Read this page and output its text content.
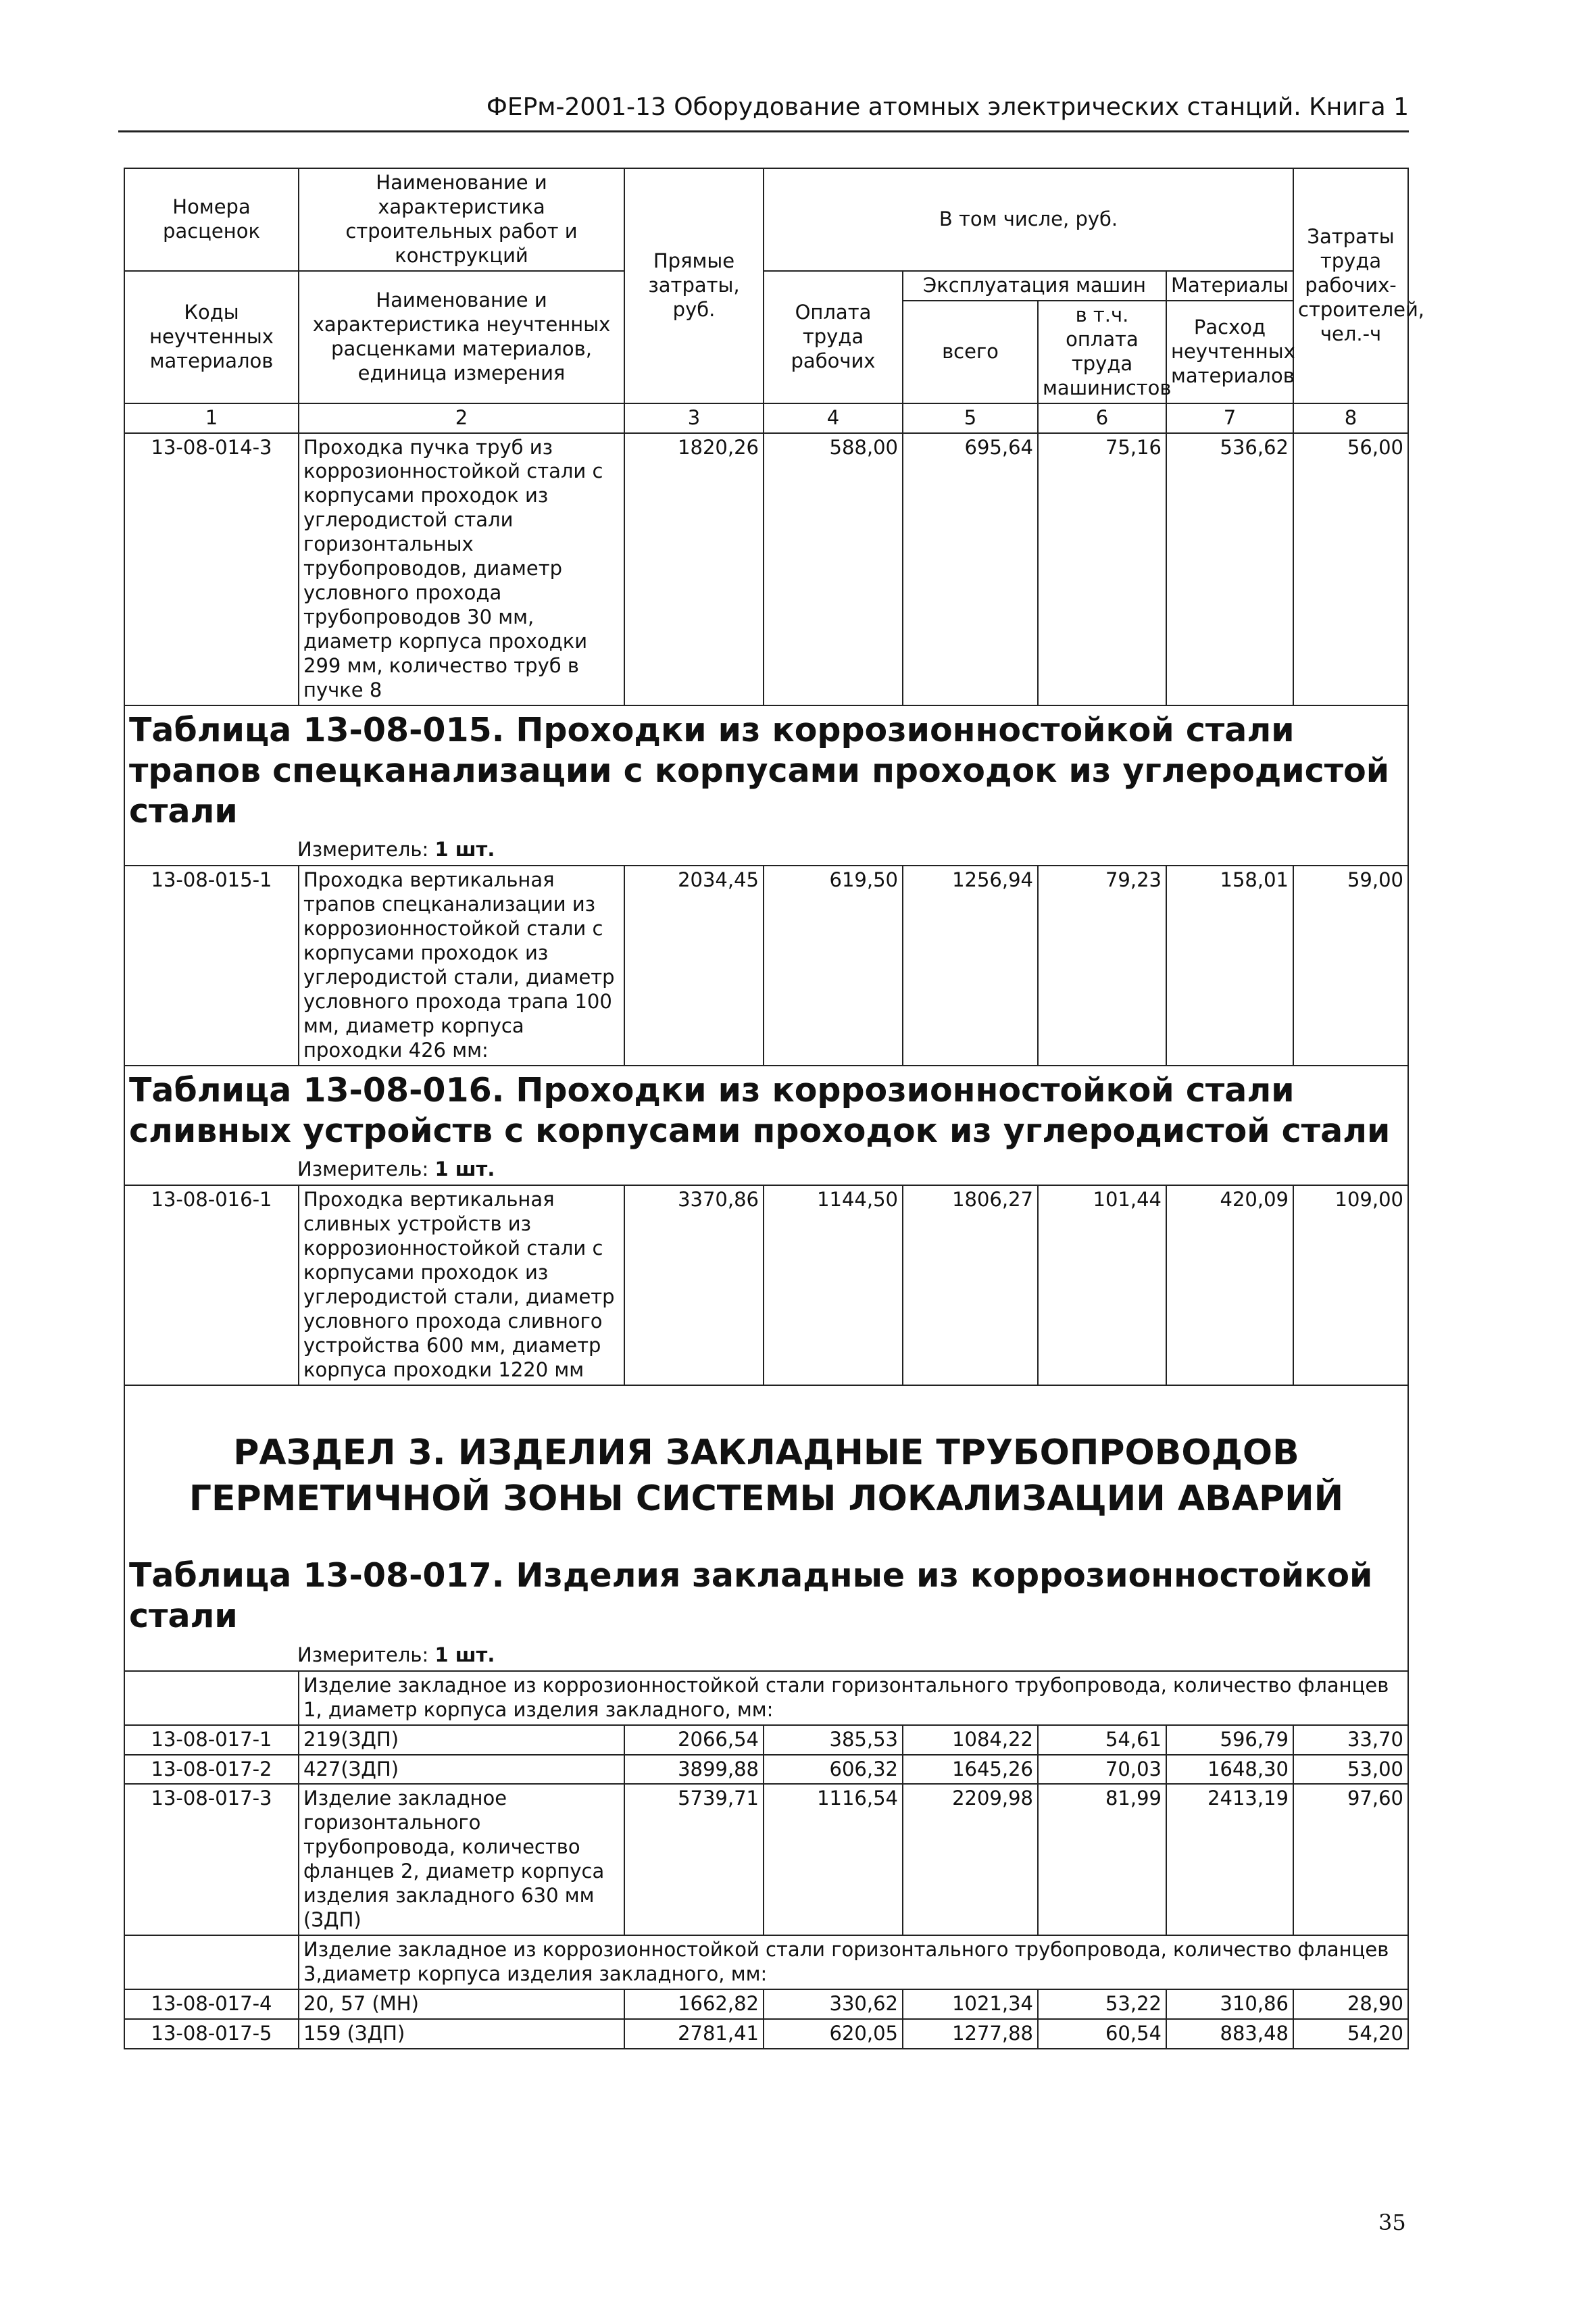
ФЕРм-2001-13 Оборудование атомных электрических станций. Книга 1
Номера расценок	Наименование и характеристика строительных работ и конструкций	Прямые затраты, руб.	В том числе, руб.				Затраты труда рабочих-строителей, чел.-ч
Коды неучтенных материалов	Наименование и характеристика неучтенных расценками материалов, единица измерения		Оплата труда рабочих	Эксплуатация машин		Материалы	
				всего	в т.ч. оплата труда машинистов	Расход неучтенных материалов	
1	2	3	4	5	6	7	8
13-08-014-3	Проходка пучка труб из коррозионностойкой стали с корпусами проходок из углеродистой стали горизонтальных трубопроводов, диаметр условного прохода трубопроводов 30 мм, диаметр корпуса проходки 299 мм, количество труб в пучке 8	1820,26	588,00	695,64	75,16	536,62	56,00

Таблица 13-08-015. Проходки из коррозионностойкой стали трапов спецканализации с корпусами проходок из углеродистой стали
Измеритель: 1 шт.							

13-08-015-1	Проходка вертикальная трапов спецканализации из коррозионностойкой стали с корпусами проходок из углеродистой стали, диаметр условного прохода трапа 100 мм, диаметр корпуса проходки 426 мм:	2034,45	619,50	1256,94	79,23	158,01	59,00

Таблица 13-08-016. Проходки из коррозионностойкой стали сливных устройств с корпусами проходок из углеродистой стали
Измеритель: 1 шт.							

13-08-016-1	Проходка вертикальная сливных устройств из коррозионностойкой стали с корпусами проходок из углеродистой стали, диаметр условного прохода сливного устройства 600 мм, диаметр корпуса проходки 1220 мм	3370,86	1144,50	1806,27	101,44	420,09	109,00

РАЗДЕЛ 3. ИЗДЕЛИЯ ЗАКЛАДНЫЕ ТРУБОПРОВОДОВ ГЕРМЕТИЧНОЙ ЗОНЫ СИСТЕМЫ ЛОКАЛИЗАЦИИ АВАРИЙ
Таблица 13-08-017. Изделия закладные из коррозионностойкой стали
Измеритель: 1 шт.							

	Изделие закладное из коррозионностойкой стали горизонтального трубопровода, количество фланцев 1, диаметр корпуса изделия закладного, мм:						
13-08-017-1	219(ЗДП)	2066,54	385,53	1084,22	54,61	596,79	33,70
13-08-017-2	427(ЗДП)	3899,88	606,32	1645,26	70,03	1648,30	53,00
13-08-017-3	Изделие закладное горизонтального трубопровода, количество фланцев 2, диаметр корпуса изделия закладного 630 мм (ЗДП)	5739,71	1116,54	2209,98	81,99	2413,19	97,60
	Изделие закладное из коррозионностойкой стали горизонтального трубопровода, количество фланцев 3,диаметр корпуса изделия закладного, мм:						
13-08-017-4	20, 57 (МН)	1662,82	330,62	1021,34	53,22	310,86	28,90
13-08-017-5	159 (ЗДП)	2781,41	620,05	1277,88	60,54	883,48	54,20
35
